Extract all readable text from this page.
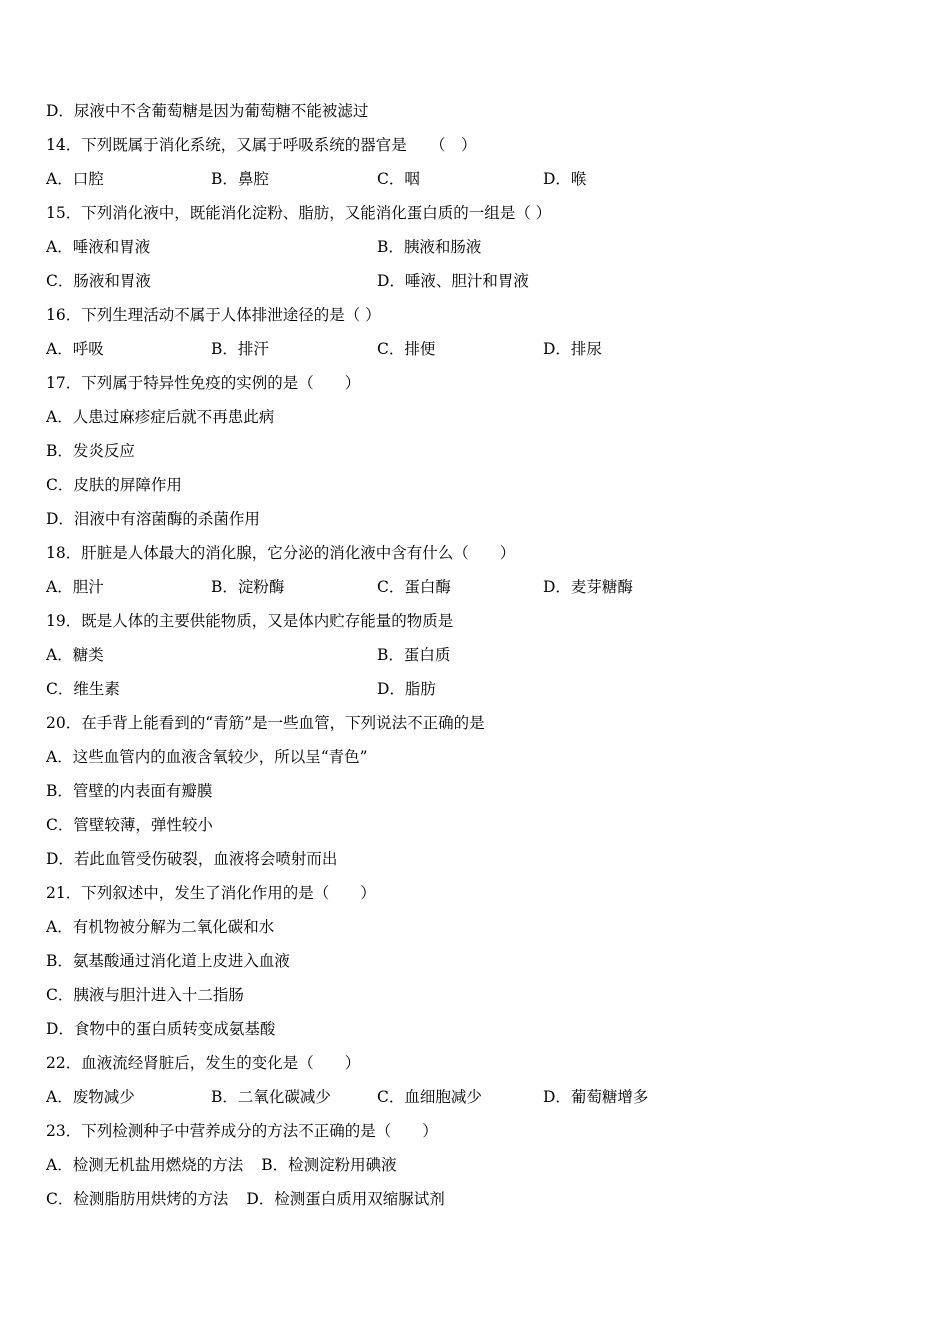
D．尿液中不含葡萄糖是因为葡萄糖不能被滤过
14．下列既属于消化系统，又属于呼吸系统的器官是　　（　）
A．口腔	B．鼻腔	C．咽	D．喉
15．下列消化液中，既能消化淀粉、脂肪，又能消化蛋白质的一组是（ ）
A．唾液和胃液	B．胰液和肠液
C．肠液和胃液	D．唾液、胆汁和胃液
16．下列生理活动不属于人体排泄途径的是（ ）
A．呼吸	B．排汗	C．排便	D．排尿
17．下列属于特异性免疫的实例的是（　　）
A．人患过麻疹症后就不再患此病
B．发炎反应
C．皮肤的屏障作用
D．泪液中有溶菌酶的杀菌作用
18．肝脏是人体最大的消化腺，它分泌的消化液中含有什么（　　）
A．胆汁	B．淀粉酶	C．蛋白酶	D．麦芽糖酶
19．既是人体的主要供能物质，又是体内贮存能量的物质是
A．糖类	B．蛋白质
C．维生素	D．脂肪
20．在手背上能看到的“青筋”是一些血管，下列说法不正确的是
A．这些血管内的血液含氧较少，所以呈“青色”
B．管壁的内表面有瓣膜
C．管壁较薄，弹性较小
D．若此血管受伤破裂，血液将会喷射而出
21．下列叙述中，发生了消化作用的是（　　）
A．有机物被分解为二氧化碳和水
B．氨基酸通过消化道上皮进入血液
C．胰液与胆汁进入十二指肠
D．食物中的蛋白质转变成氨基酸
22．血液流经肾脏后，发生的变化是（　　）
A．废物减少	B．二氧化碳减少	C．血细胞减少	D．葡萄糖增多
23．下列检测种子中营养成分的方法不正确的是（　　）
A．检测无机盐用燃烧的方法 B．检测淀粉用碘液
C．检测脂肪用烘烤的方法 D．检测蛋白质用双缩脲试剂
